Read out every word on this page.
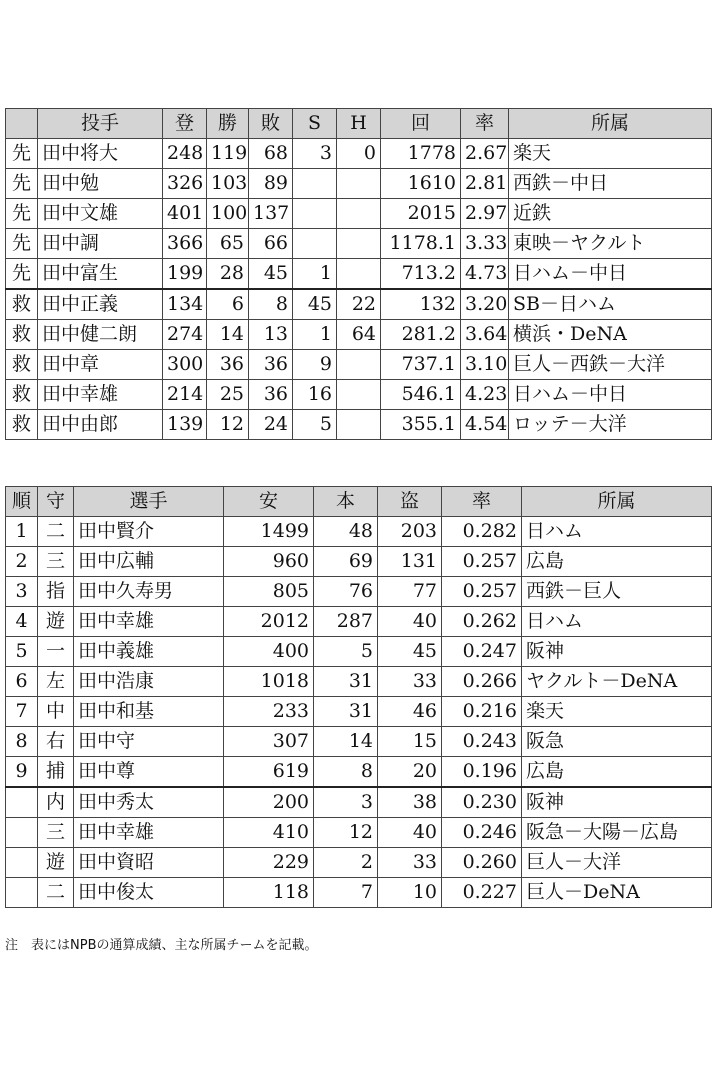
	投手	登	勝	敗	S	H	回	率	所属
先	田中将大	248	119	68	3	0	1778	2.67	楽天
先	田中勉	326	103	89			1610	2.81	西鉄－中日
先	田中文雄	401	100	137			2015	2.97	近鉄
先	田中調	366	65	66			1178.1	3.33	東映－ヤクルト
先	田中富生	199	28	45	1		713.2	4.73	日ハム－中日
救	田中正義	134	6	8	45	22	132	3.20	SB－日ハム
救	田中健二朗	274	14	13	1	64	281.2	3.64	横浜・DeNA
救	田中章	300	36	36	9		737.1	3.10	巨人－西鉄－大洋
救	田中幸雄	214	25	36	16		546.1	4.23	日ハム－中日
救	田中由郎	139	12	24	5		355.1	4.54	ロッテ－大洋
順	守	選手	安	本	盗	率	所属
1	二	田中賢介	1499	48	203	0.282	日ハム
2	三	田中広輔	960	69	131	0.257	広島
3	指	田中久寿男	805	76	77	0.257	西鉄－巨人
4	遊	田中幸雄	2012	287	40	0.262	日ハム
5	一	田中義雄	400	5	45	0.247	阪神
6	左	田中浩康	1018	31	33	0.266	ヤクルト－DeNA
7	中	田中和基	233	31	46	0.216	楽天
8	右	田中守	307	14	15	0.243	阪急
9	捕	田中尊	619	8	20	0.196	広島
	内	田中秀太	200	3	38	0.230	阪神
	三	田中幸雄	410	12	40	0.246	阪急－大陽－広島
	遊	田中資昭	229	2	33	0.260	巨人－大洋
	二	田中俊太	118	7	10	0.227	巨人－DeNA
注　表にはNPBの通算成績、主な所属チームを記載。
